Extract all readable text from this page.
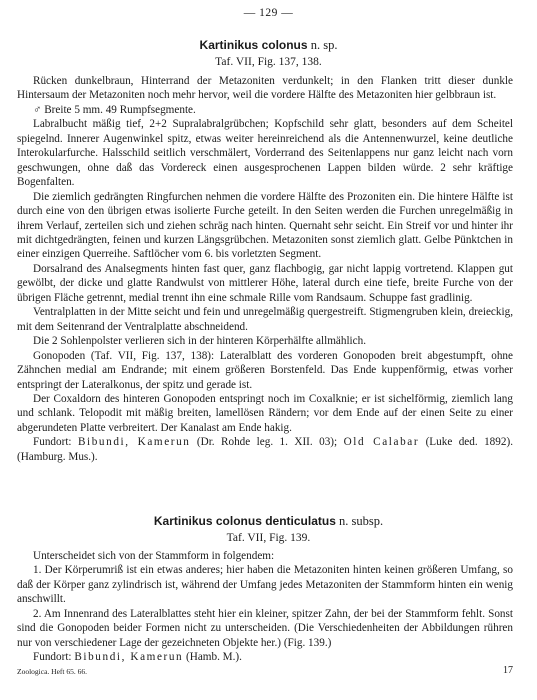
— 129 —
Kartinikus colonus n. sp.
Taf. VII, Fig. 137, 138.

Rücken dunkelbraun, Hinterrand der Metazoniten verdunkelt; in den Flanken tritt dieser dunkle Hintersaum der Metazoniten noch mehr hervor, weil die vordere Hälfte des Metazoniten hier gelbbraun ist.

♂ Breite 5 mm. 49 Rumpfsegmente.

Labralbucht mäßig tief, 2+2 Supralabralgrübchen; Kopfschild sehr glatt, besonders auf dem Scheitel spiegelnd. Innerer Augenwinkel spitz, etwas weiter hereinreichend als die Antennenwurzel, keine deutliche Interokularfurche. Halsschild seitlich verschmälert, Vorderrand des Seitenlappens nur ganz leicht nach vorn geschwungen, ohne daß das Vordereck einen ausgesprochenen Lappen bilden würde. 2 sehr kräftige Bogenfalten.

Die ziemlich gedrängten Ringfurchen nehmen die vordere Hälfte des Prozoniten ein. Die hintere Hälfte ist durch eine von den übrigen etwas isolierte Furche geteilt. In den Seiten werden die Furchen unregelmäßig in ihrem Verlauf, zerteilen sich und ziehen schräg nach hinten. Quernaht sehr seicht. Ein Streif vor und hinter ihr mit dichtgedrängten, feinen und kurzen Längsgrübchen. Metazoniten sonst ziemlich glatt. Gelbe Pünktchen in einer einzigen Querreihe. Saftlöcher vom 6. bis vorletzten Segment.

Dorsalrand des Analsegments hinten fast quer, ganz flachbogig, gar nicht lappig vortretend. Klappen gut gewölbt, der dicke und glatte Randwulst von mittlerer Höhe, lateral durch eine tiefe, breite Furche von der übrigen Fläche getrennt, medial trennt ihn eine schmale Rille vom Randsaum. Schuppe fast gradlinig.

Ventralplatten in der Mitte seicht und fein und unregelmäßig quergestreift. Stigmengruben klein, dreieckig, mit dem Seitenrand der Ventralplatte abschneidend.

Die 2 Sohlenpolster verlieren sich in der hinteren Körperhälfte allmählich.

Gonopoden (Taf. VII, Fig. 137, 138): Lateralblatt des vorderen Gonopoden breit abgestumpft, ohne Zähnchen medial am Endrande; mit einem größeren Borstenfeld. Das Ende kuppenförmig, etwas vorher entspringt der Lateralkonus, der spitz und gerade ist.

Der Coxaldorn des hinteren Gonopoden entspringt noch im Coxalknie; er ist sichelförmig, ziemlich lang und schlank. Telopodit mit mäßig breiten, lamellösen Rändern; vor dem Ende auf der einen Seite zu einer abgerundeten Platte verbreitert. Der Kanalast am Ende hakig.

Fundort: Bibundi, Kamerun (Dr. Rohde leg. 1. XII. 03); Old Calabar (Luke ded. 1892). (Hamburg. Mus.).

Kartinikus colonus denticulatus n. subsp.
Taf. VII, Fig. 139.

Unterscheidet sich von der Stammform in folgendem:

1. Der Körperumriß ist ein etwas anderes; hier haben die Metazoniten hinten keinen größeren Umfang, so daß der Körper ganz zylindrisch ist, während der Umfang jedes Metazoniten der Stammform hinten ein wenig anschwillt.

2. Am Innenrand des Lateralblattes steht hier ein kleiner, spitzer Zahn, der bei der Stammform fehlt. Sonst sind die Gonopoden beider Formen nicht zu unterscheiden. (Die Verschiedenheiten der Abbildungen rühren nur von verschiedener Lage der gezeichneten Objekte her.) (Fig. 139.)

Fundort: Bibundi, Kamerun (Hamb. M.).

Zoologica. Heft 65. 66.	17
